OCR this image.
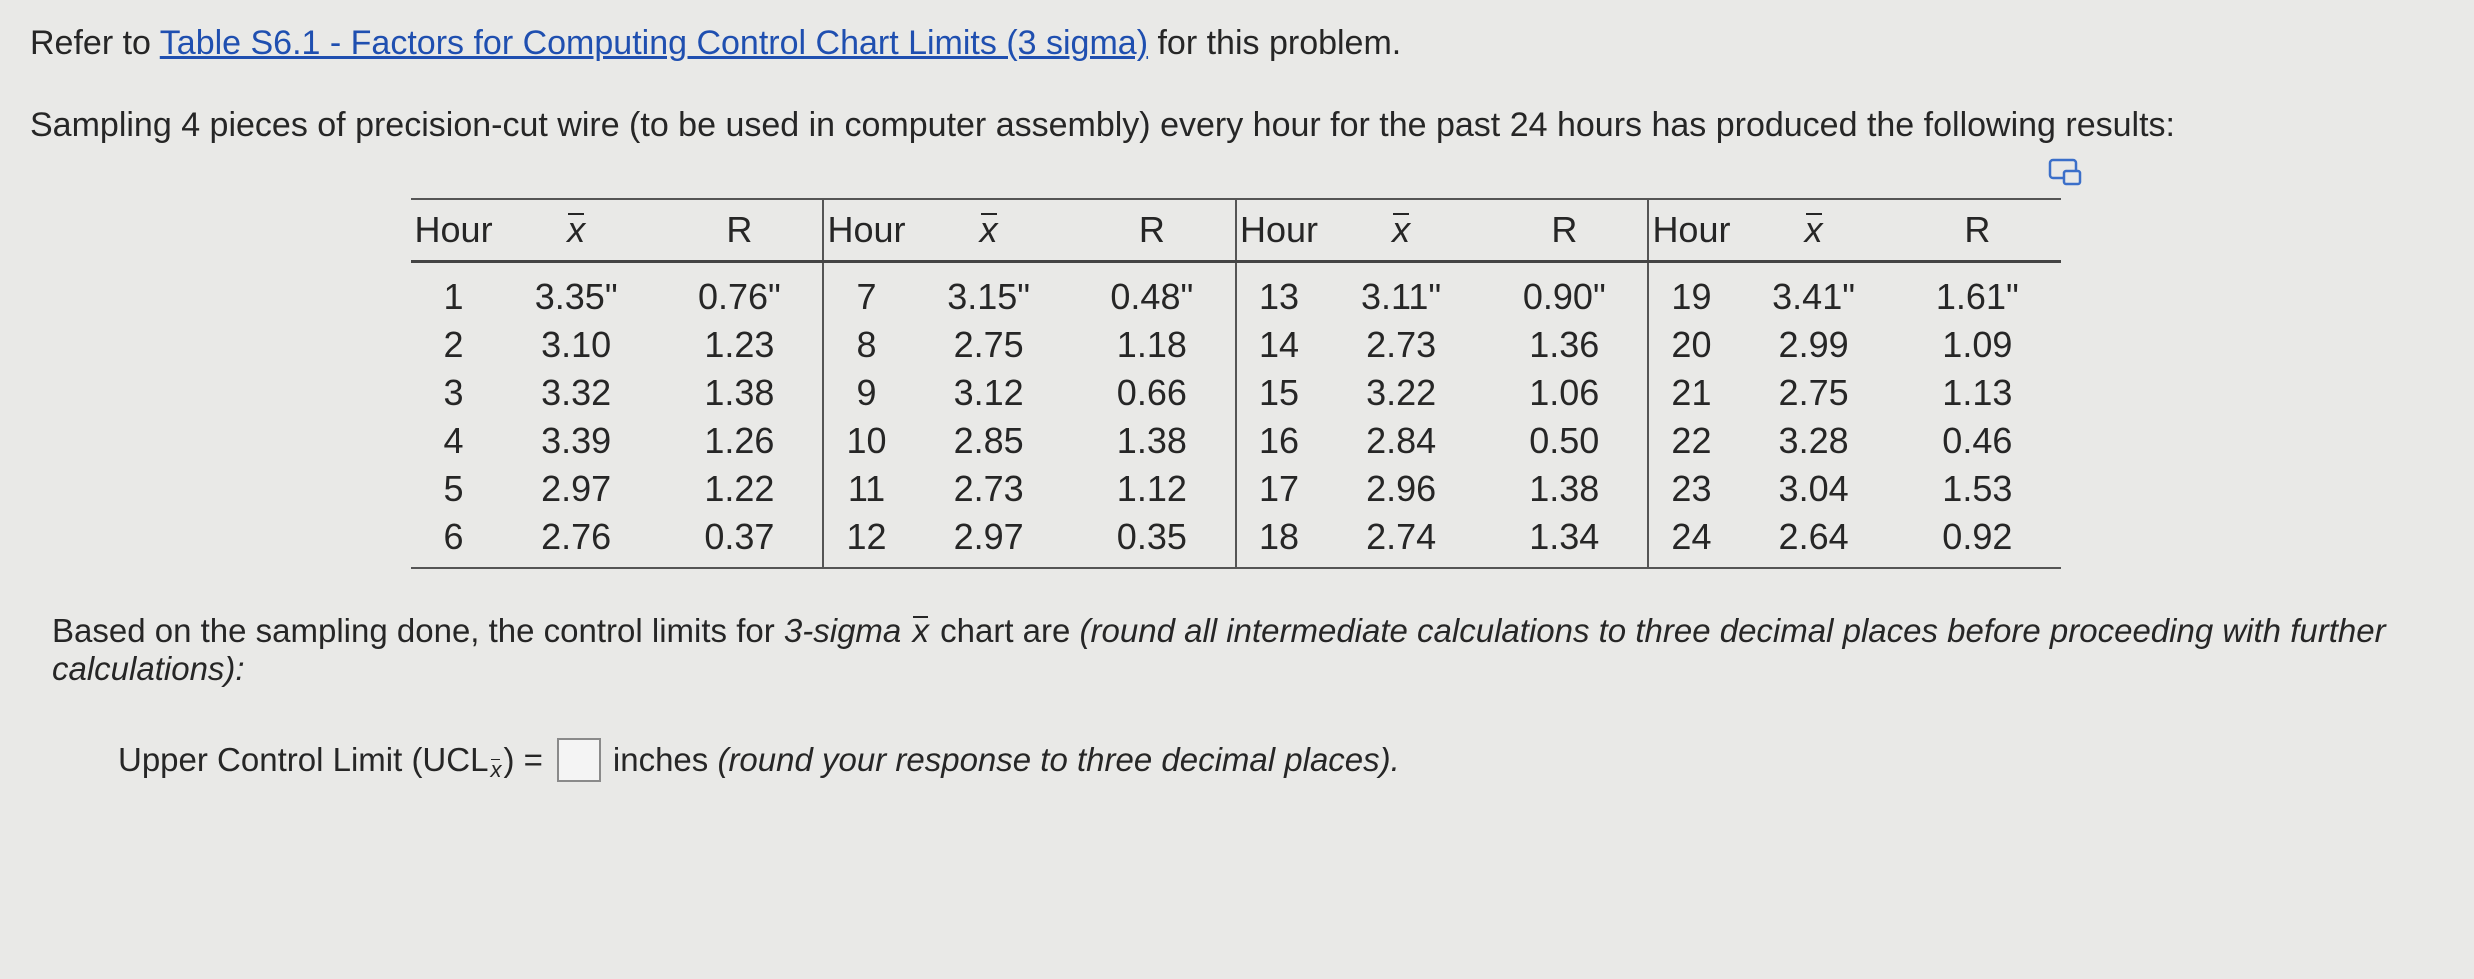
Refer to Table S6.1 - Factors for Computing Control Chart Limits (3 sigma) for this problem.
Sampling 4 pieces of precision-cut wire (to be used in computer assembly) every hour for the past 24 hours has produced the following results:
Hour	x	R	Hour	x	R	Hour	x	R	Hour	x	R
1	3.35"	0.76"	7	3.15"	0.48"	13	3.11"	0.90"	19	3.41"	1.61"
2	3.10	1.23	8	2.75	1.18	14	2.73	1.36	20	2.99	1.09
3	3.32	1.38	9	3.12	0.66	15	3.22	1.06	21	2.75	1.13
4	3.39	1.26	10	2.85	1.38	16	2.84	0.50	22	3.28	0.46
5	2.97	1.22	11	2.73	1.12	17	2.96	1.38	23	3.04	1.53
6	2.76	0.37	12	2.97	0.35	18	2.74	1.34	24	2.64	0.92
Based on the sampling done, the control limits for 3-sigma x chart are (round all intermediate calculations to three decimal places before proceeding with further calculations):
Upper Control Limit (UCL x ) = inches
(round your response to three decimal places).
